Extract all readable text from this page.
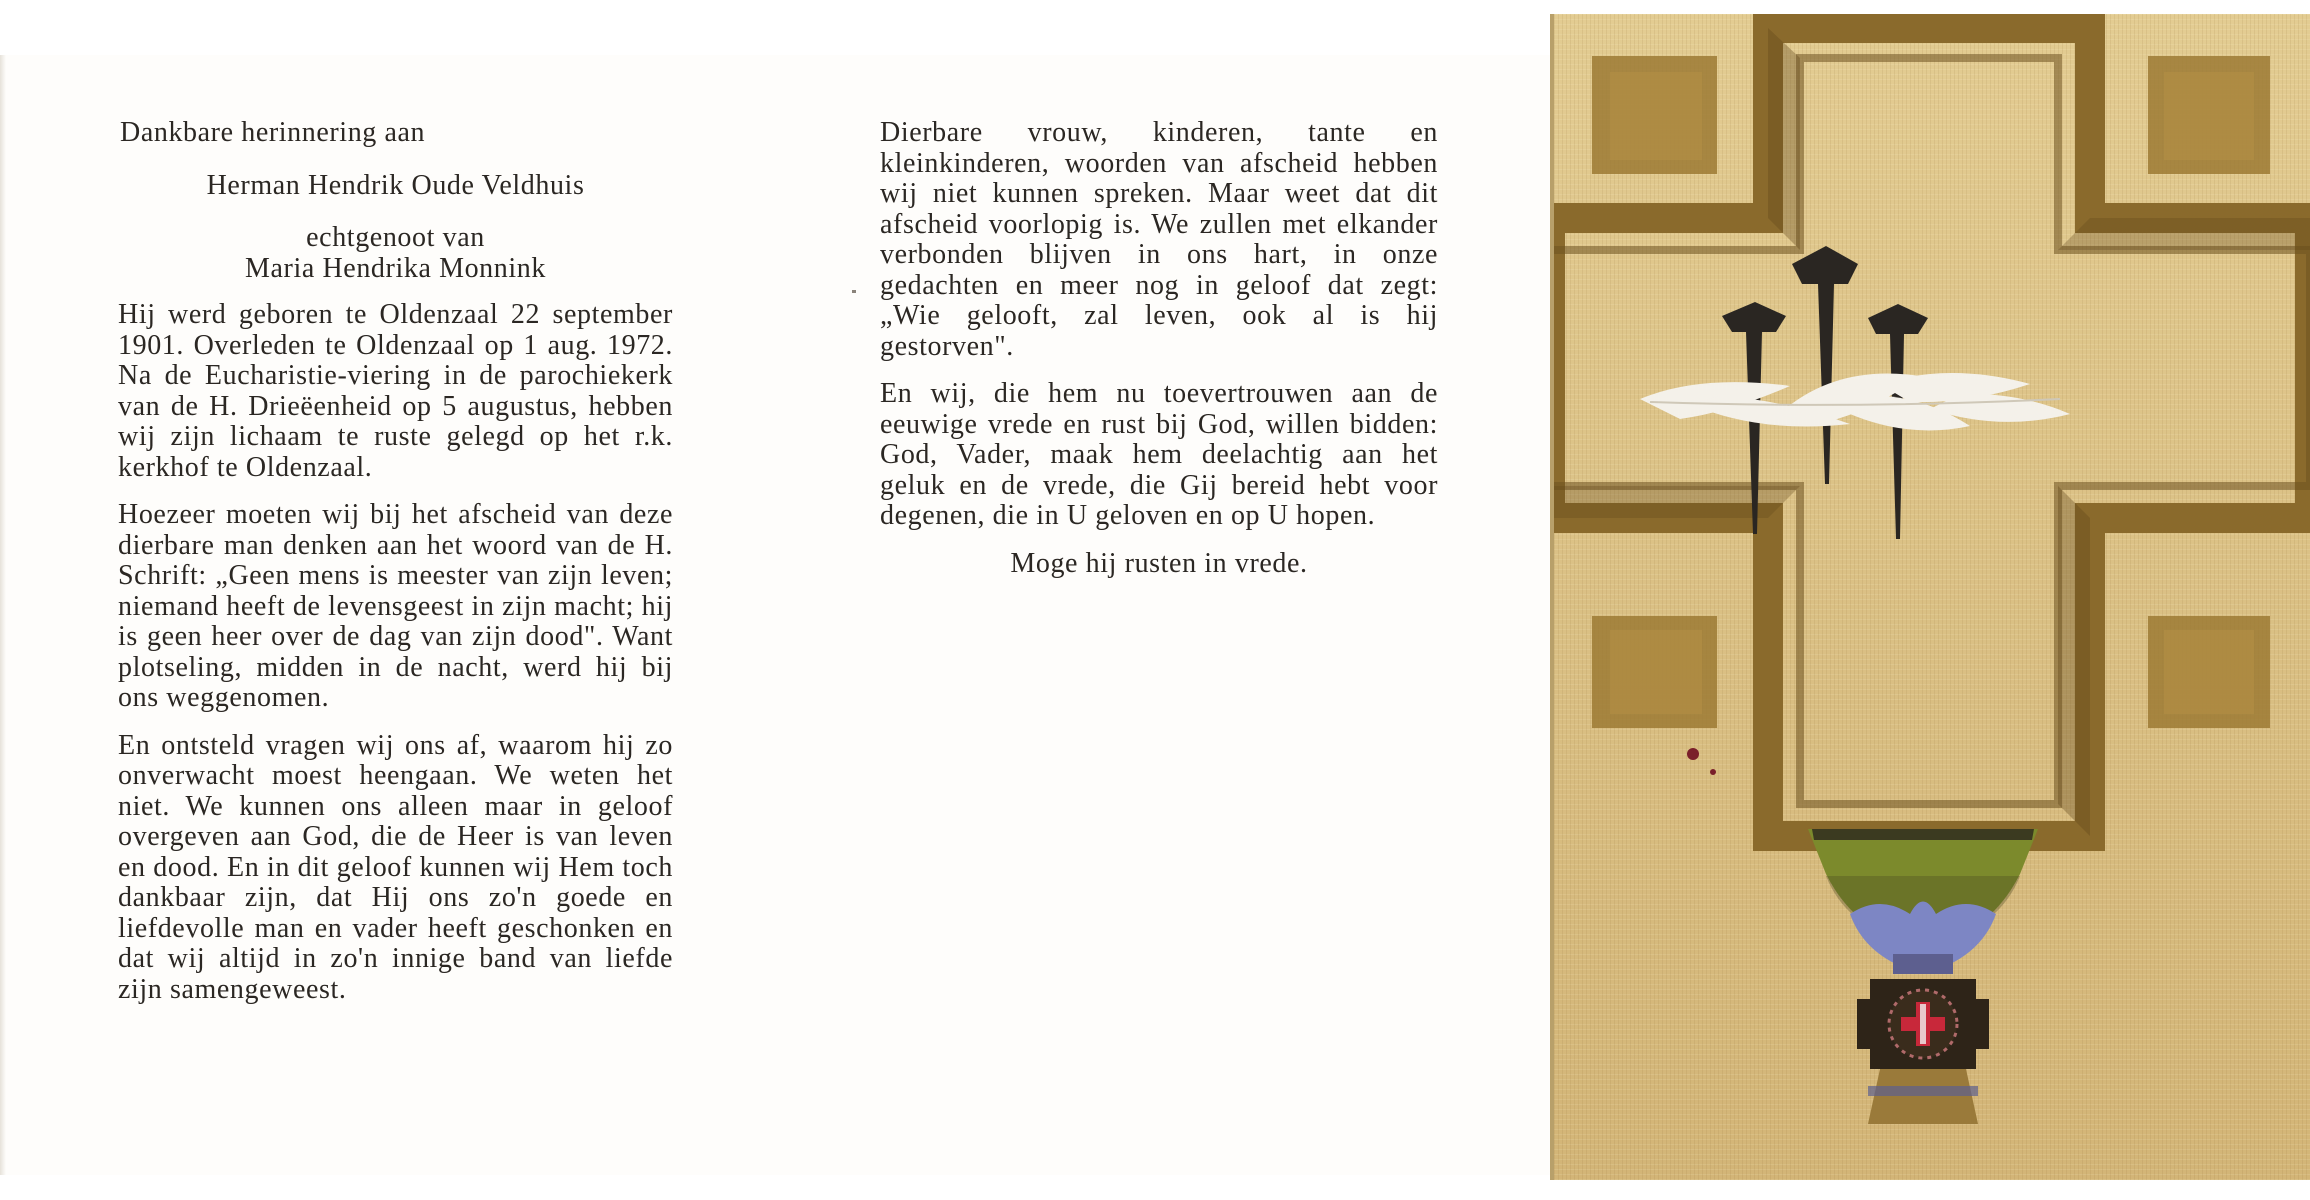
Dankbare herinnering aan
Herman Hendrik Oude Veldhuis
echtgenoot van
Maria Hendrika Monnink

Hij werd geboren te Oldenzaal 22 september 1901. Overleden te Oldenzaal op 1 aug. 1972. Na de Eucharistie-viering in de parochiekerk van de H. Drieëenheid op 5 augustus, hebben wij zijn lichaam te ruste gelegd op het r.k. kerkhof te Oldenzaal.

Hoezeer moeten wij bij het afscheid van deze dierbare man denken aan het woord van de H. Schrift: „Geen mens is meester van zijn leven; niemand heeft de levensgeest in zijn macht; hij is geen heer over de dag van zijn dood". Want plotseling, midden in de nacht, werd hij bij ons weggenomen.

En ontsteld vragen wij ons af, waarom hij zo onverwacht moest heengaan. We weten het niet. We kunnen ons alleen maar in geloof overgeven aan God, die de Heer is van leven en dood. En in dit geloof kunnen wij Hem toch dankbaar zijn, dat Hij ons zo'n goede en liefdevolle man en vader heeft geschonken en dat wij altijd in zo'n innige band van liefde zijn samengeweest.

Dierbare vrouw, kinderen, tante en kleinkinderen, woorden van afscheid hebben wij niet kunnen spreken. Maar weet dat dit afscheid voorlopig is. We zullen met elkander verbonden blijven in ons hart, in onze gedachten en meer nog in geloof dat zegt: „Wie gelooft, zal leven, ook al is hij gestorven".

En wij, die hem nu toevertrouwen aan de eeuwige vrede en rust bij God, willen bidden: God, Vader, maak hem deelachtig aan het geluk en de vrede, die Gij bereid hebt voor degenen, die in U geloven en op U hopen.

Moge hij rusten in vrede.
